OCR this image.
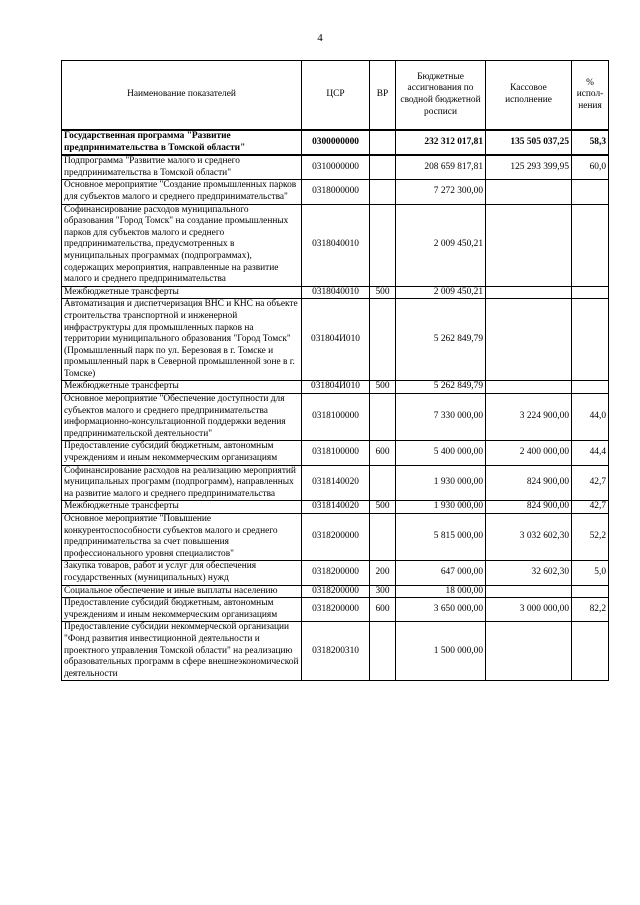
4
Наименование показателей	ЦСР	ВР	Бюджетные ассигнования по сводной бюджетной росписи	Кассовое исполнение	% испол-нения
Государственная программа "Развитие предпринимательства в Томской области"	0300000000		232 312 017,81	135 505 037,25	58,3
Подпрограмма "Развитие малого и среднего предпринимательства в Томской области"	0310000000		208 659 817,81	125 293 399,95	60,0
Основное мероприятие "Создание промышленных парков для субъектов малого и среднего предпринимательства"	0318000000		7 272 300,00		
Софинансирование расходов муниципального образования "Город Томск" на создание промышленных парков для субъектов малого и среднего предпринимательства, предусмотренных в муниципальных программах (подпрограммах), содержащих мероприятия, направленные на развитие малого и среднего предпринимательства	0318040010		2 009 450,21		
Межбюджетные трансферты	0318040010	500	2 009 450,21		
Автоматизация и диспетчеризация ВНС и КНС на объекте строительства транспортной и инженерной инфраструктуры для промышленных парков на территории муниципального образования "Город Томск" (Промышленный парк по ул. Березовая в г. Томске и промышленный парк в Северной промышленной зоне в г. Томске)	031804И010		5 262 849,79		
Межбюджетные трансферты	031804И010	500	5 262 849,79		
Основное мероприятие "Обеспечение доступности для субъектов малого и среднего предпринимательства информационно-консультационной поддержки ведения предпринимательской деятельности"	0318100000		7 330 000,00	3 224 900,00	44,0
Предоставление субсидий бюджетным, автономным учреждениям и иным некоммерческим организациям	0318100000	600	5 400 000,00	2 400 000,00	44,4
Софинансирование расходов на реализацию мероприятий муниципальных программ (подпрограмм), направленных на развитие малого и среднего предпринимательства	0318140020		1 930 000,00	824 900,00	42,7
Межбюджетные трансферты	0318140020	500	1 930 000,00	824 900,00	42,7
Основное мероприятие "Повышение конкурентоспособности субъектов малого и среднего предпринимательства за счет повышения профессионального уровня специалистов"	0318200000		5 815 000,00	3 032 602,30	52,2
Закупка товаров, работ и услуг для обеспечения государственных (муниципальных) нужд	0318200000	200	647 000,00	32 602,30	5,0
Социальное обеспечение и иные выплаты населению	0318200000	300	18 000,00		
Предоставление субсидий бюджетным, автономным учреждениям и иным некоммерческим организациям	0318200000	600	3 650 000,00	3 000 000,00	82,2
Предоставление субсидии некоммерческой организации "Фонд развития инвестиционной деятельности и проектного управления Томской области" на реализацию образовательных программ в сфере внешнеэкономической деятельности	0318200310		1 500 000,00		
